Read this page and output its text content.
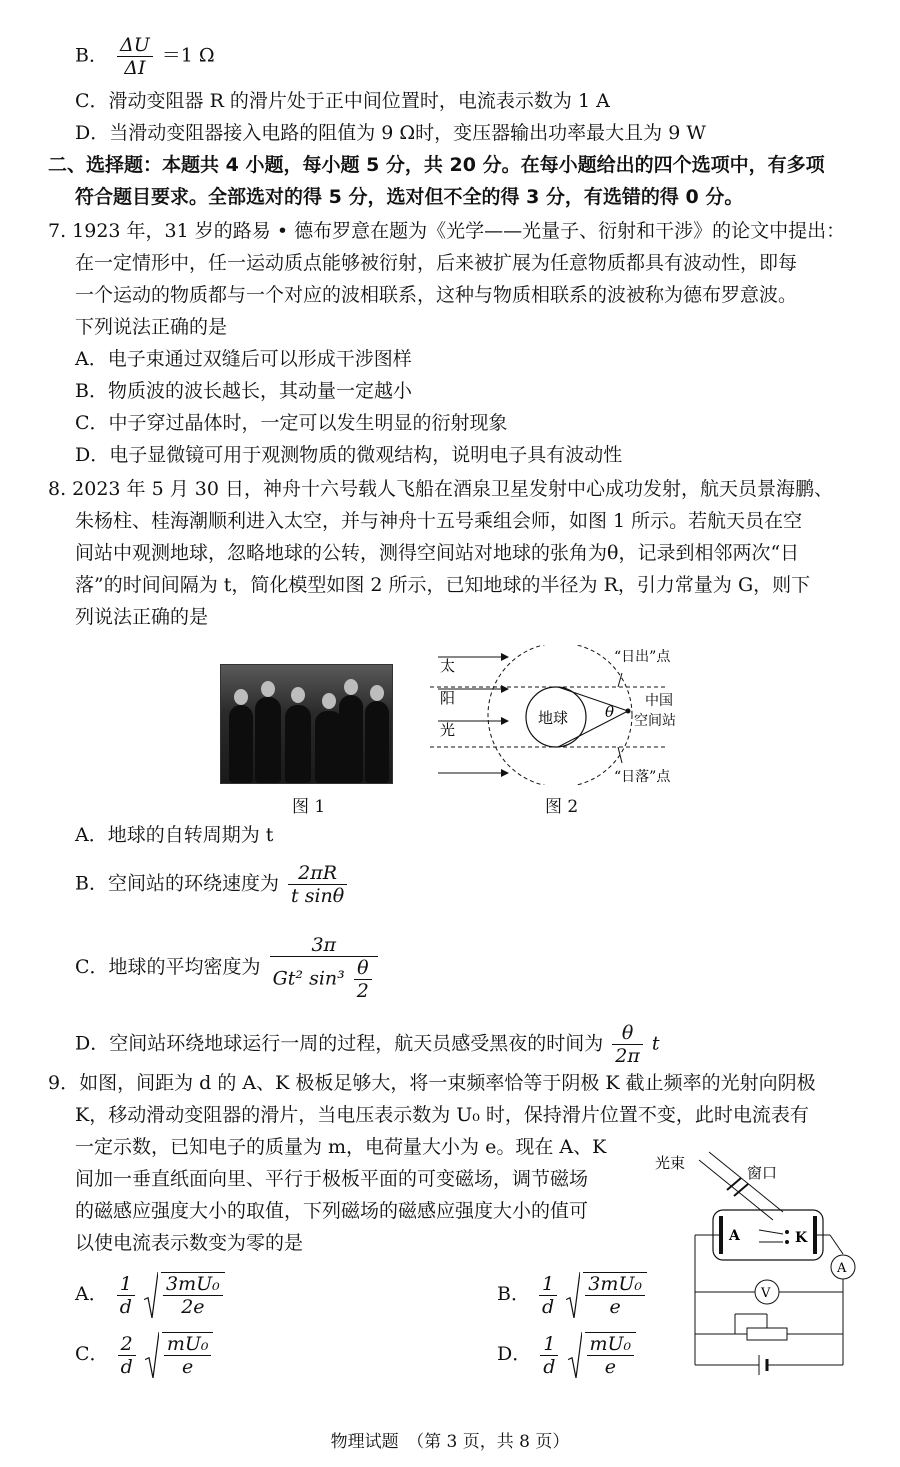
B． $\frac{\Delta U}{\Delta I} =1$ Ω
C．滑动变阻器 R 的滑片处于正中间位置时，电流表示数为 1 A
D．当滑动变阻器接入电路的阻值为 9 Ω时，变压器输出功率最大且为 9 W
二、选择题：本题共 4 小题，每小题 5 分，共 20 分。在每小题给出的四个选项中，有多项
符合题目要求。全部选对的得 5 分，选对但不全的得 3 分，有选错的得 0 分。
7. 1923 年，31 岁的路易 • 德布罗意在题为《光学——光量子、衍射和干涉》的论文中提出：
在一定情形中，任一运动质点能够被衍射，后来被扩展为任意物质都具有波动性，即每
一个运动的物质都与一个对应的波相联系，这种与物质相联系的波被称为德布罗意波。
下列说法正确的是
A．电子束通过双缝后可以形成干涉图样
B．物质波的波长越长，其动量一定越小
C．中子穿过晶体时，一定可以发生明显的衍射现象
D．电子显微镜可用于观测物质的微观结构，说明电子具有波动性
8. 2023 年 5 月 30 日，神舟十六号载人飞船在酒泉卫星发射中心成功发射，航天员景海鹏、
朱杨柱、桂海潮顺利进入太空，并与神舟十五号乘组会师，如图 1 所示。若航天员在空
间站中观测地球，忽略地球的公转，测得空间站对地球的张角为θ，记录到相邻两次“日
落”的时间间隔为 t，简化模型如图 2 所示，已知地球的半径为 R，引力常量为 G，则下
列说法正确的是
图 1
太
阳
光
地球 θ
“日出”点
“日落”点
中国
空间站
图 2
A．地球的自转周期为 t
B．空间站的环绕速度为 $\frac{2\pi R}{\text{t sinθ}}$
C．地球的平均密度为 $\frac{3\pi}{Gt^2 \sin^3 \frac{\theta}{2}}$
D．空间站环绕地球运行一周的过程，航天员感受黑夜的时间为 $\frac{\theta}{2\pi}$ t
9．如图，间距为 d 的 A、K 极板足够大，将一束频率恰等于阴极 K 截止频率的光射向阴极
K，移动滑动变阻器的滑片，当电压表示数为 U₀ 时，保持滑片位置不变，此时电流表有
一定示数，已知电子的质量为 m，电荷量大小为 e。现在 A、K
间加一垂直纸面向里、平行于极板平面的可变磁场，调节磁场
的磁感应强度大小的取值，下列磁场的磁感应强度大小的值可
以使电流表示数变为零的是
光束
窗口
A	K
A
V
A． $\frac{1}{d}$
$\frac{\text{3mU₀}}{2e}$	B． $\frac{1}{d}$
$\frac{\text{3mU₀}}{e}$
C． $\frac{2}{d}$
$\frac{\text{mU₀}}{e}$	D． $\frac{1}{d}$
$\frac{\text{mU₀}}{e}$
物理试题　（第 3 页，共 8 页）
